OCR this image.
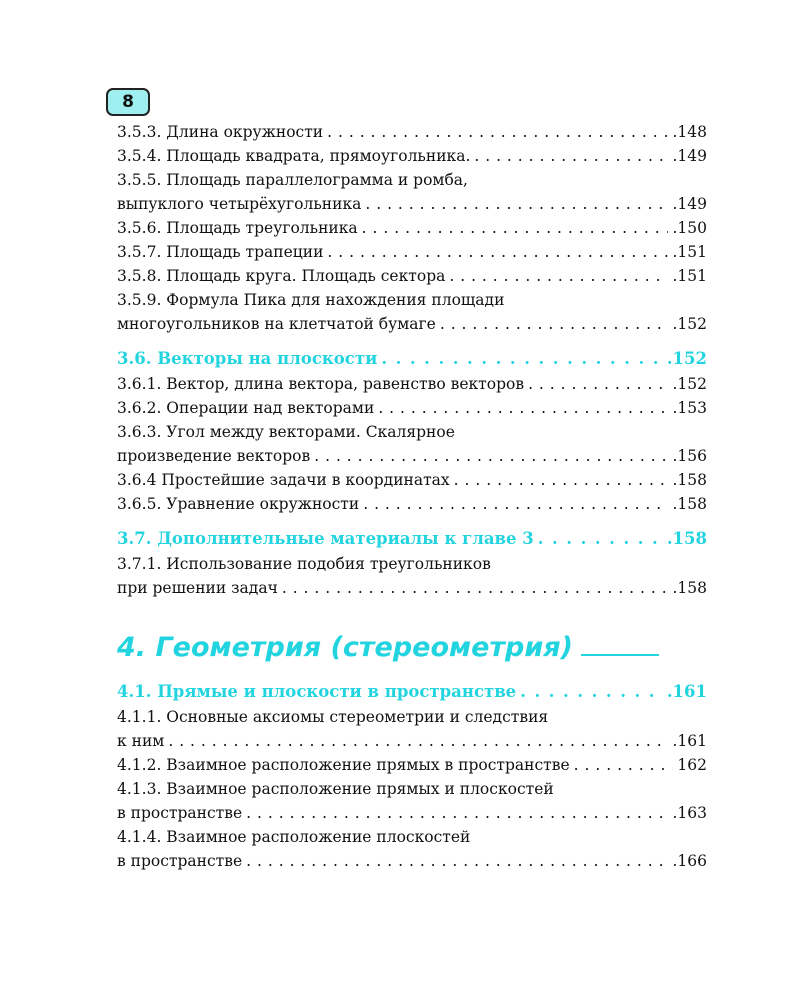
8
3.5.3. Длина окружности . . .	.148
3.5.4. Площадь квадрата, прямоугольника. . . .	.149
3.5.5. Площадь параллелограмма и ромба,
выпуклого четырёхугольника . . .	.149
3.5.6. Площадь треугольника . . .	.150
3.5.7. Площадь трапеции . . .	.151
3.5.8. Площадь круга. Площадь сектора . . .	.151
3.5.9. Формула Пика для нахождения площади
многоугольников на клетчатой бумаге . . .	.152
3.6. Векторы на плоскости . . .	.152
3.6.1. Вектор, длина вектора, равенство векторов . . .	.152
3.6.2. Операции над векторами . . .	.153
3.6.3. Угол между векторами. Скалярное
произведение векторов . . .	.156
3.6.4 Простейшие задачи в координатах . . .	.158
3.6.5. Уравнение окружности . . .	.158
3.7. Дополнительные материалы к главе 3 . . .	.158
3.7.1. Использование подобия треугольников
при решении задач . . .	.158
4. Геометрия (стереометрия)
4.1. Прямые и плоскости в пространстве . . .	.161
4.1.1. Основные аксиомы стереометрии и следствия
к ним . . .	.161
4.1.2. Взаимное расположение прямых в пространстве . . .	162
4.1.3. Взаимное расположение прямых и плоскостей
в пространстве . . .	.163
4.1.4. Взаимное расположение плоскостей
в пространстве . . .	.166
